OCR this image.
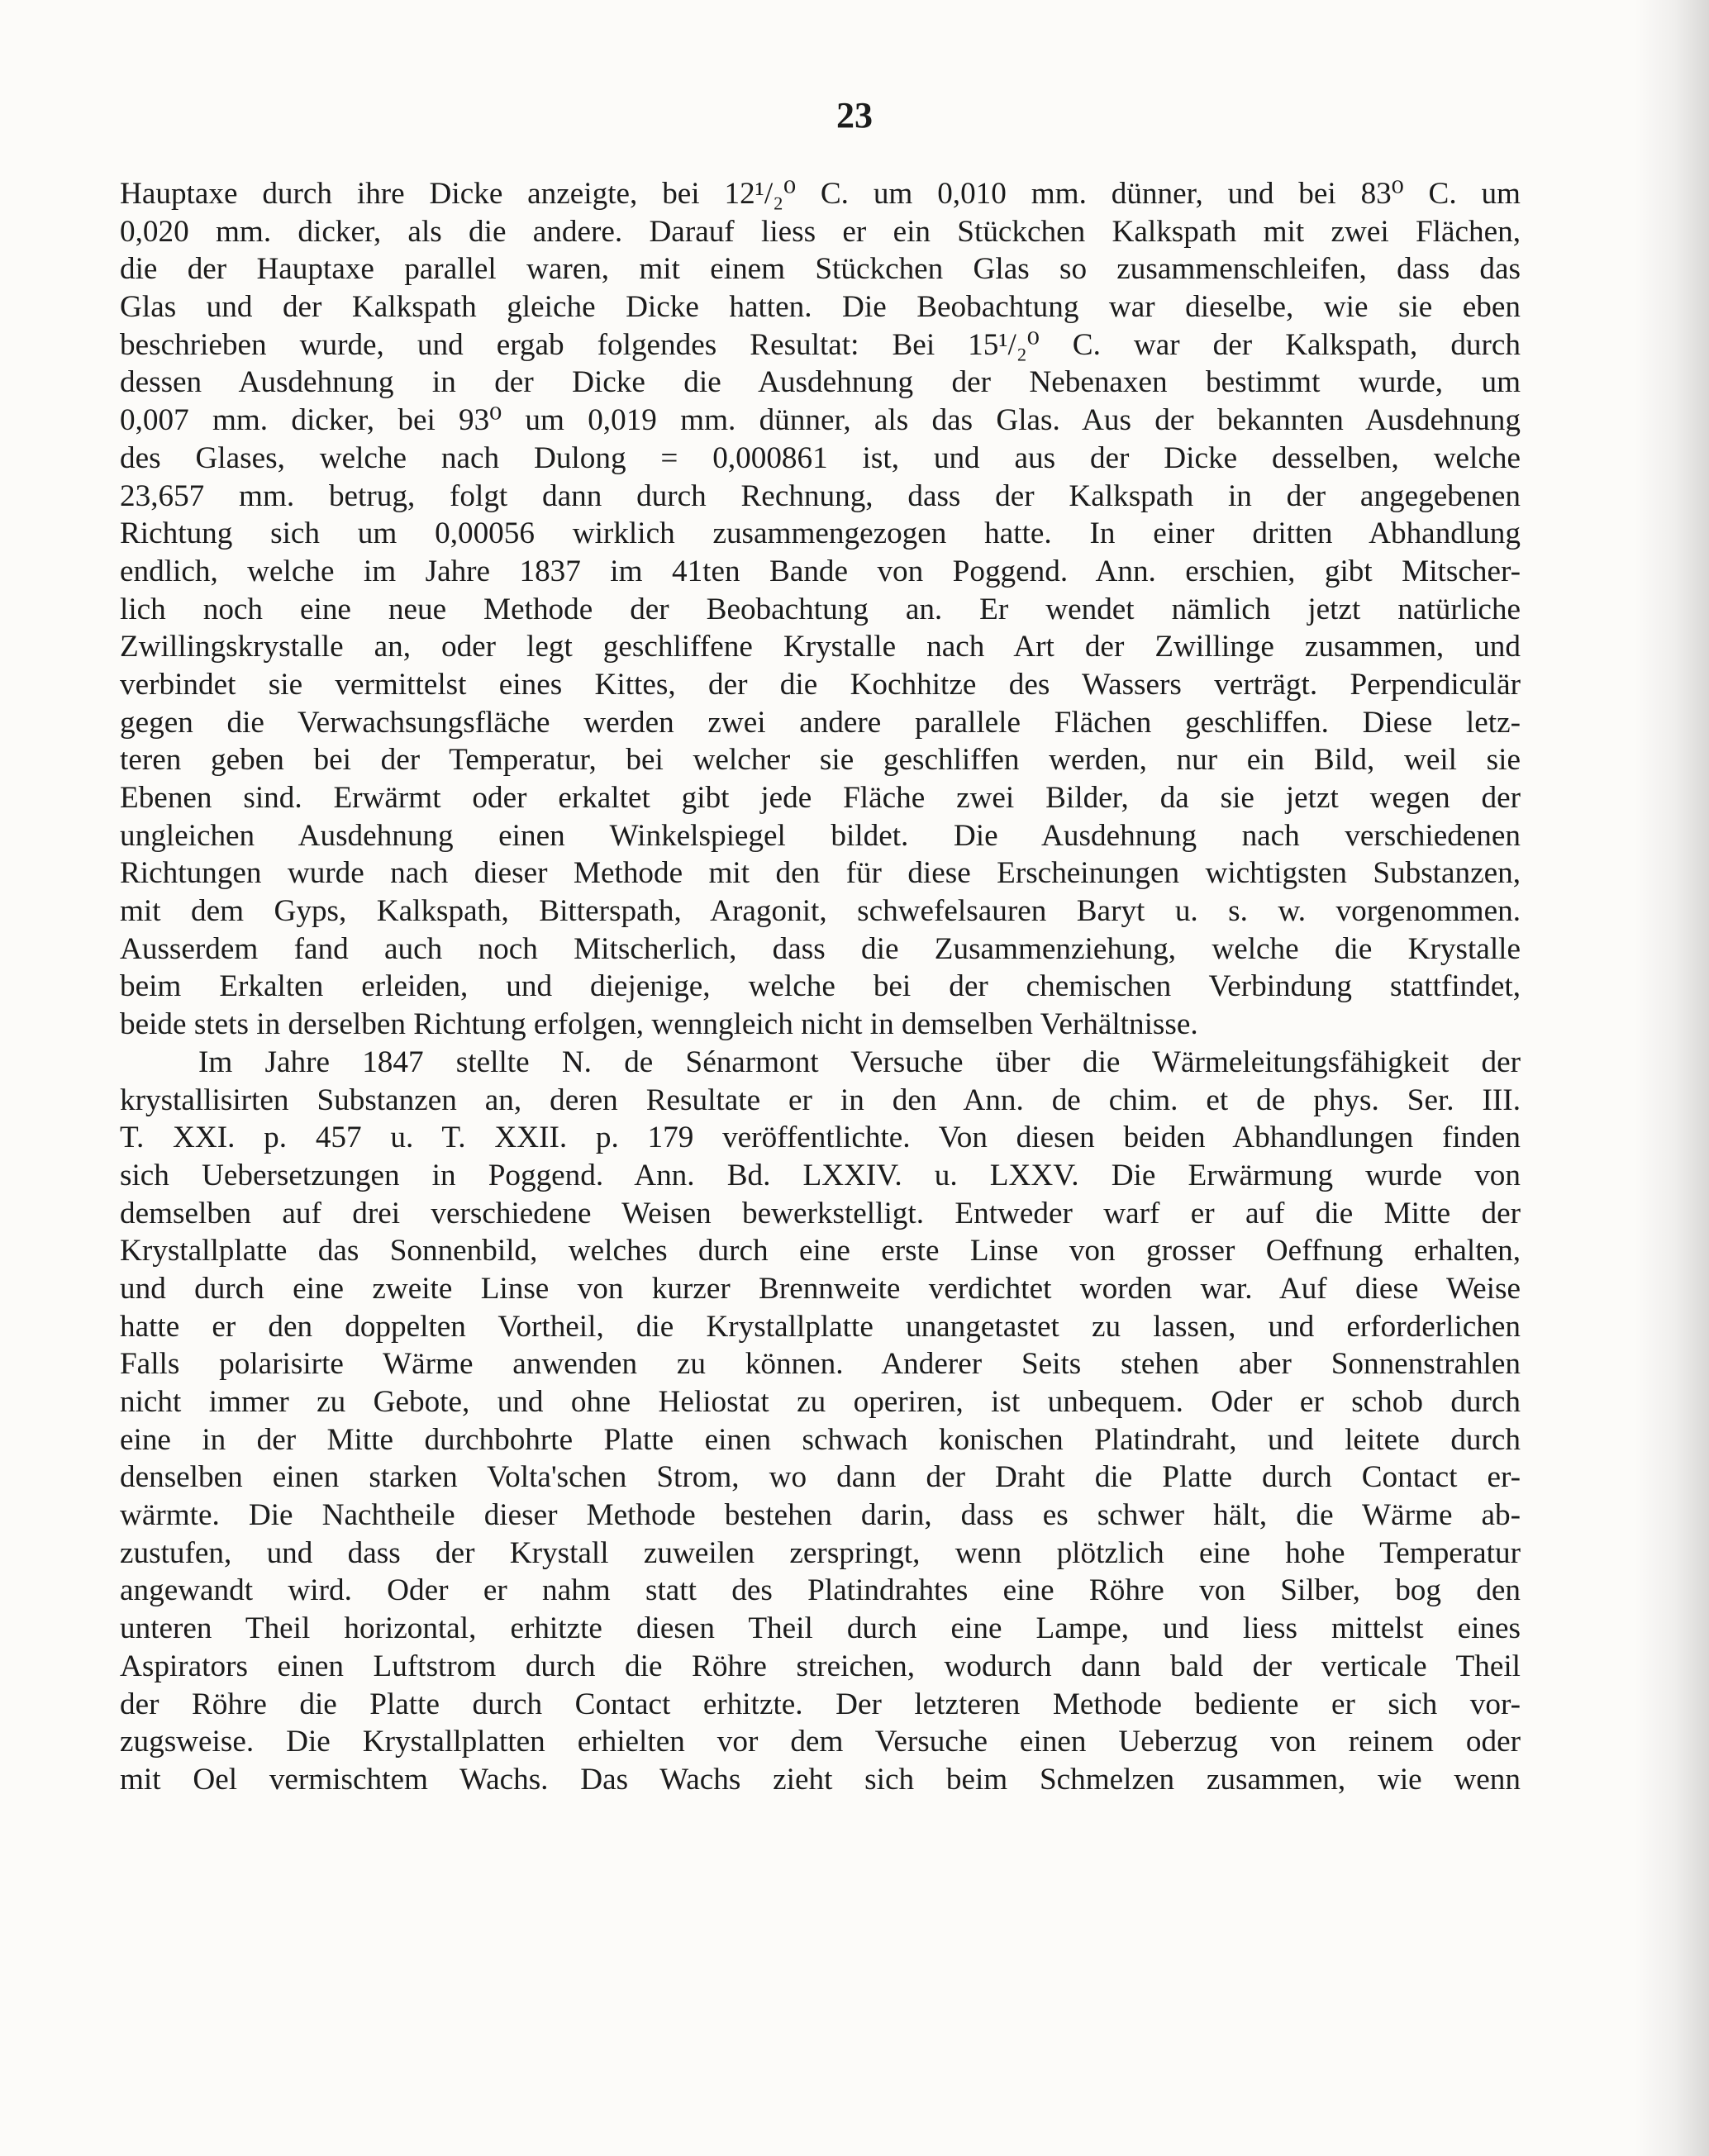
23
Hauptaxe durch ihre Dicke anzeigte, bei 12¹/₂⁰ C. um 0,010 mm. dünner, und bei 83⁰ C. um
0,020 mm. dicker, als die andere. Darauf liess er ein Stückchen Kalkspath mit zwei Flächen,
die der Hauptaxe parallel waren, mit einem Stückchen Glas so zusammenschleifen, dass das
Glas und der Kalkspath gleiche Dicke hatten. Die Beobachtung war dieselbe, wie sie eben
beschrieben wurde, und ergab folgendes Resultat: Bei 15¹/₂⁰ C. war der Kalkspath, durch
dessen Ausdehnung in der Dicke die Ausdehnung der Nebenaxen bestimmt wurde, um
0,007 mm. dicker, bei 93⁰ um 0,019 mm. dünner, als das Glas. Aus der bekannten Ausdehnung
des Glases, welche nach Dulong = 0,000861 ist, und aus der Dicke desselben, welche
23,657 mm. betrug, folgt dann durch Rechnung, dass der Kalkspath in der angegebenen
Richtung sich um 0,00056 wirklich zusammengezogen hatte. In einer dritten Abhandlung
endlich, welche im Jahre 1837 im 41ten Bande von Poggend. Ann. erschien, gibt Mitscher-
lich noch eine neue Methode der Beobachtung an. Er wendet nämlich jetzt natürliche
Zwillingskrystalle an, oder legt geschliffene Krystalle nach Art der Zwillinge zusammen, und
verbindet sie vermittelst eines Kittes, der die Kochhitze des Wassers verträgt. Perpendiculär
gegen die Verwachsungsfläche werden zwei andere parallele Flächen geschliffen. Diese letz-
teren geben bei der Temperatur, bei welcher sie geschliffen werden, nur ein Bild, weil sie
Ebenen sind. Erwärmt oder erkaltet gibt jede Fläche zwei Bilder, da sie jetzt wegen der
ungleichen Ausdehnung einen Winkelspiegel bildet. Die Ausdehnung nach verschiedenen
Richtungen wurde nach dieser Methode mit den für diese Erscheinungen wichtigsten Substanzen,
mit dem Gyps, Kalkspath, Bitterspath, Aragonit, schwefelsauren Baryt u. s. w. vorgenommen.
Ausserdem fand auch noch Mitscherlich, dass die Zusammenziehung, welche die Krystalle
beim Erkalten erleiden, und diejenige, welche bei der chemischen Verbindung stattfindet,
beide stets in derselben Richtung erfolgen, wenngleich nicht in demselben Verhältnisse.
Im Jahre 1847 stellte N. de Sénarmont Versuche über die Wärmeleitungsfähigkeit der
krystallisirten Substanzen an, deren Resultate er in den Ann. de chim. et de phys. Ser. III.
T. XXI. p. 457 u. T. XXII. p. 179 veröffentlichte. Von diesen beiden Abhandlungen finden
sich Uebersetzungen in Poggend. Ann. Bd. LXXIV. u. LXXV. Die Erwärmung wurde von
demselben auf drei verschiedene Weisen bewerkstelligt. Entweder warf er auf die Mitte der
Krystallplatte das Sonnenbild, welches durch eine erste Linse von grosser Oeffnung erhalten,
und durch eine zweite Linse von kurzer Brennweite verdichtet worden war. Auf diese Weise
hatte er den doppelten Vortheil, die Krystallplatte unangetastet zu lassen, und erforderlichen
Falls polarisirte Wärme anwenden zu können. Anderer Seits stehen aber Sonnenstrahlen
nicht immer zu Gebote, und ohne Heliostat zu operiren, ist unbequem. Oder er schob durch
eine in der Mitte durchbohrte Platte einen schwach konischen Platindraht, und leitete durch
denselben einen starken Volta'schen Strom, wo dann der Draht die Platte durch Contact er-
wärmte. Die Nachtheile dieser Methode bestehen darin, dass es schwer hält, die Wärme ab-
zustufen, und dass der Krystall zuweilen zerspringt, wenn plötzlich eine hohe Temperatur
angewandt wird. Oder er nahm statt des Platindrahtes eine Röhre von Silber, bog den
unteren Theil horizontal, erhitzte diesen Theil durch eine Lampe, und liess mittelst eines
Aspirators einen Luftstrom durch die Röhre streichen, wodurch dann bald der verticale Theil
der Röhre die Platte durch Contact erhitzte. Der letzteren Methode bediente er sich vor-
zugsweise. Die Krystallplatten erhielten vor dem Versuche einen Ueberzug von reinem oder
mit Oel vermischtem Wachs. Das Wachs zieht sich beim Schmelzen zusammen, wie wenn
